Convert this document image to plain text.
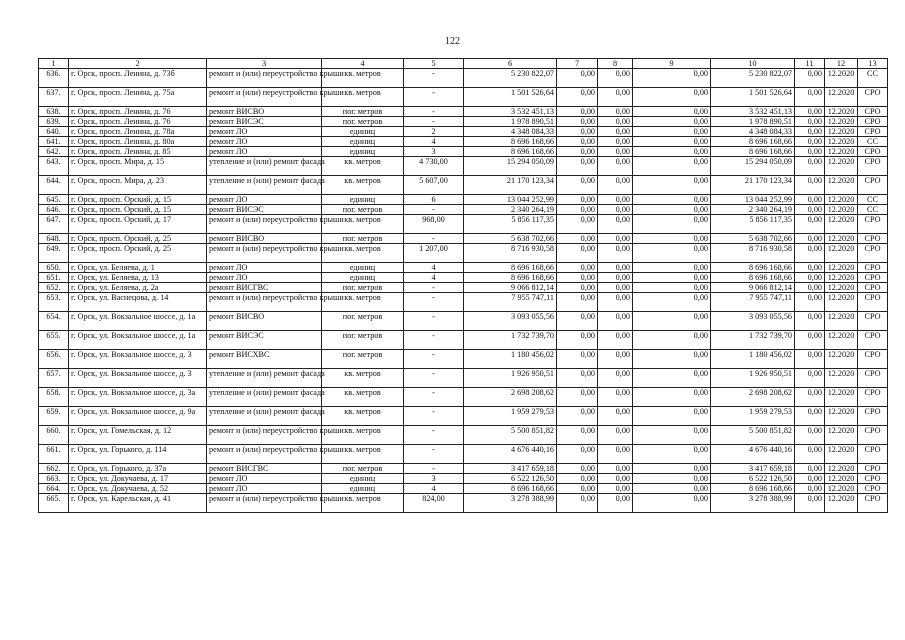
122
1	2	3	4	5	6	7	8	9	10	11	12	13
636.	г. Орск, просп. Ленина, д. 73б	ремонт и (или) переустройство крыши	кв. метров	-	5 230 822,07	0,00	0,00	0,00	5 230 822,07	0,00	12.2020	СС
637.	г. Орск, просп. Ленина, д. 75а	ремонт и (или) переустройство крыши	кв. метров	-	1 501 526,64	0,00	0,00	0,00	1 501 526,64	0,00	12.2020	СРО
638.	г. Орск, просп. Ленина, д. 76	ремонт ВИСВО	пог. метров	-	3 532 451,13	0,00	0,00	0,00	3 532 451,13	0,00	12.2020	СРО
639.	г. Орск, просп. Ленина, д. 76	ремонт ВИСЭС	пог. метров	-	1 978 890,51	0,00	0,00	0,00	1 978 890,51	0,00	12.2020	СРО
640.	г. Орск, просп. Ленина, д. 78а	ремонт ЛО	единиц	2	4 348 084,33	0,00	0,00	0,00	4 348 084,33	0,00	12.2020	СРО
641.	г. Орск, просп. Ленина, д. 80а	ремонт ЛО	единиц	4	8 696 168,66	0,00	0,00	0,00	8 696 168,66	0,00	12.2020	СС
642.	г. Орск, просп. Ленина, д. 85	ремонт ЛО	единиц	3	8 696 168,66	0,00	0,00	0,00	8 696 168,66	0,00	12.2020	СРО
643.	г. Орск, просп. Мира, д. 15	утепление и (или) ремонт фасада	кв. метров	4 730,00	15 294 050,09	0,00	0,00	0,00	15 294 050,09	0,00	12.2020	СРО
644.	г. Орск, просп. Мира, д. 23	утепление и (или) ремонт фасада	кв. метров	5 607,00	21 170 123,34	0,00	0,00	0,00	21 170 123,34	0,00	12.2020	СРО
645.	г. Орск, просп. Орский, д. 15	ремонт ЛО	единиц	6	13 044 252,99	0,00	0,00	0,00	13 044 252,99	0,00	12.2020	СС
646.	г. Орск, просп. Орский, д. 15	ремонт ВИСЭС	пог. метров	-	2 340 264,19	0,00	0,00	0,00	2 340 264,19	0,00	12.2020	СС
647.	г. Орск, просп. Орский, д. 17	ремонт и (или) переустройство крыши	кв. метров	968,00	5 856 117,35	0,00	0,00	0,00	5 856 117,35	0,00	12.2020	СРО
648.	г. Орск, просп. Орский, д. 25	ремонт ВИСВО	пог. метров	-	5 638 702,66	0,00	0,00	0,00	5 638 702,66	0,00	12.2020	СРО
649.	г. Орск, просп. Орский, д. 25	ремонт и (или) переустройство крыши	кв. метров	1 207,00	8 716 930,58	0,00	0,00	0,00	8 716 930,58	0,00	12.2020	СРО
650.	г. Орск, ул. Беляева, д. 1	ремонт ЛО	единиц	4	8 696 168,66	0,00	0,00	0,00	8 696 168,66	0,00	12.2020	СРО
651.	г. Орск, ул. Беляева, д. 13	ремонт ЛО	единиц	4	8 696 168,66	0,00	0,00	0,00	8 696 168,66	0,00	12.2020	СРО
652.	г. Орск, ул. Беляева, д. 2а	ремонт ВИСГВС	пог. метров	-	9 066 812,14	0,00	0,00	0,00	9 066 812,14	0,00	12.2020	СРО
653.	г. Орск, ул. Васнецова, д. 14	ремонт и (или) переустройство крыши	кв. метров	-	7 955 747,11	0,00	0,00	0,00	7 955 747,11	0,00	12.2020	СРО
654.	г. Орск, ул. Вокзальное шоссе, д. 1а	ремонт ВИСВО	пог. метров	-	3 093 055,56	0,00	0,00	0,00	3 093 055,56	0,00	12.2020	СРО
655.	г. Орск, ул. Вокзальное шоссе, д. 1а	ремонт ВИСЭС	пог. метров	-	1 732 739,70	0,00	0,00	0,00	1 732 739,70	0,00	12.2020	СРО
656.	г. Орск, ул. Вокзальное шоссе, д. 3	ремонт ВИСХВС	пог. метров	-	1 180 456,02	0,00	0,00	0,00	1 180 456,02	0,00	12.2020	СРО
657.	г. Орск, ул. Вокзальное шоссе, д. 3	утепление и (или) ремонт фасада	кв. метров	-	1 926 950,51	0,00	0,00	0,00	1 926 950,51	0,00	12.2020	СРО
658.	г. Орск, ул. Вокзальное шоссе, д. 3а	утепление и (или) ремонт фасада	кв. метров	-	2 698 208,62	0,00	0,00	0,00	2 698 208,62	0,00	12.2020	СРО
659.	г. Орск, ул. Вокзальное шоссе, д. 9а	утепление и (или) ремонт фасада	кв. метров	-	1 959 279,53	0,00	0,00	0,00	1 959 279,53	0,00	12.2020	СРО
660.	г. Орск, ул. Гомельская, д. 12	ремонт и (или) переустройство крыши	кв. метров	-	5 500 851,82	0,00	0,00	0,00	5 500 851,82	0,00	12.2020	СРО
661.	г. Орск, ул. Горького, д. 114	ремонт и (или) переустройство крыши	кв. метров	-	4 676 440,16	0,00	0,00	0,00	4 676 440,16	0,00	12.2020	СРО
662.	г. Орск, ул. Горького, д. 37а	ремонт ВИСГВС	пог. метров	-	3 417 659,18	0,00	0,00	0,00	3 417 659,18	0,00	12.2020	СРО
663.	г. Орск, ул. Докучаева, д. 17	ремонт ЛО	единиц	3	6 522 126,50	0,00	0,00	0,00	6 522 126,50	0,00	12.2020	СРО
664.	г. Орск, ул. Докучаева, д. 52	ремонт ЛО	единиц	4	8 696 168,66	0,00	0,00	0,00	8 696 168,66	0,00	12.2020	СРО
665.	г. Орск, ул. Карельская, д. 41	ремонт и (или) переустройство крыши	кв. метров	824,00	3 278 388,99	0,00	0,00	0,00	3 278 388,99	0,00	12.2020	СРО
